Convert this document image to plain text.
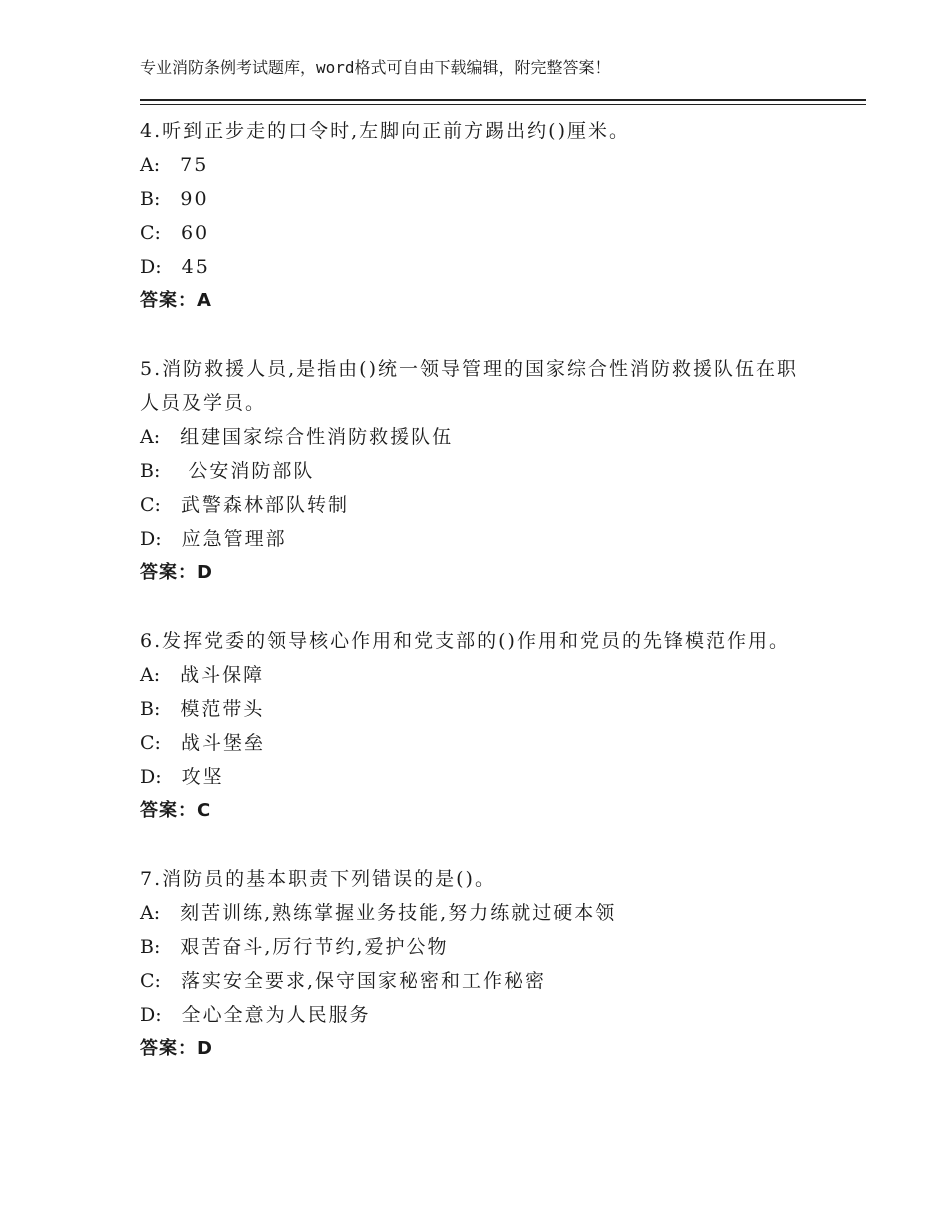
专业消防条例考试题库，word格式可自由下载编辑，附完整答案！
4.听到正步走的口令时,左脚向正前方踢出约()厘米。
A: 75
B: 90
C: 60
D: 45
答案：A
5.消防救援人员,是指由()统一领导管理的国家综合性消防救援队伍在职人员及学员。
A: 组建国家综合性消防救援队伍
B: 公安消防部队
C: 武警森林部队转制
D: 应急管理部
答案：D
6.发挥党委的领导核心作用和党支部的()作用和党员的先锋模范作用。
A: 战斗保障
B: 模范带头
C: 战斗堡垒
D: 攻坚
答案：C
7.消防员的基本职责下列错误的是()。
A: 刻苦训练,熟练掌握业务技能,努力练就过硬本领
B: 艰苦奋斗,厉行节约,爱护公物
C: 落实安全要求,保守国家秘密和工作秘密
D: 全心全意为人民服务
答案：D
